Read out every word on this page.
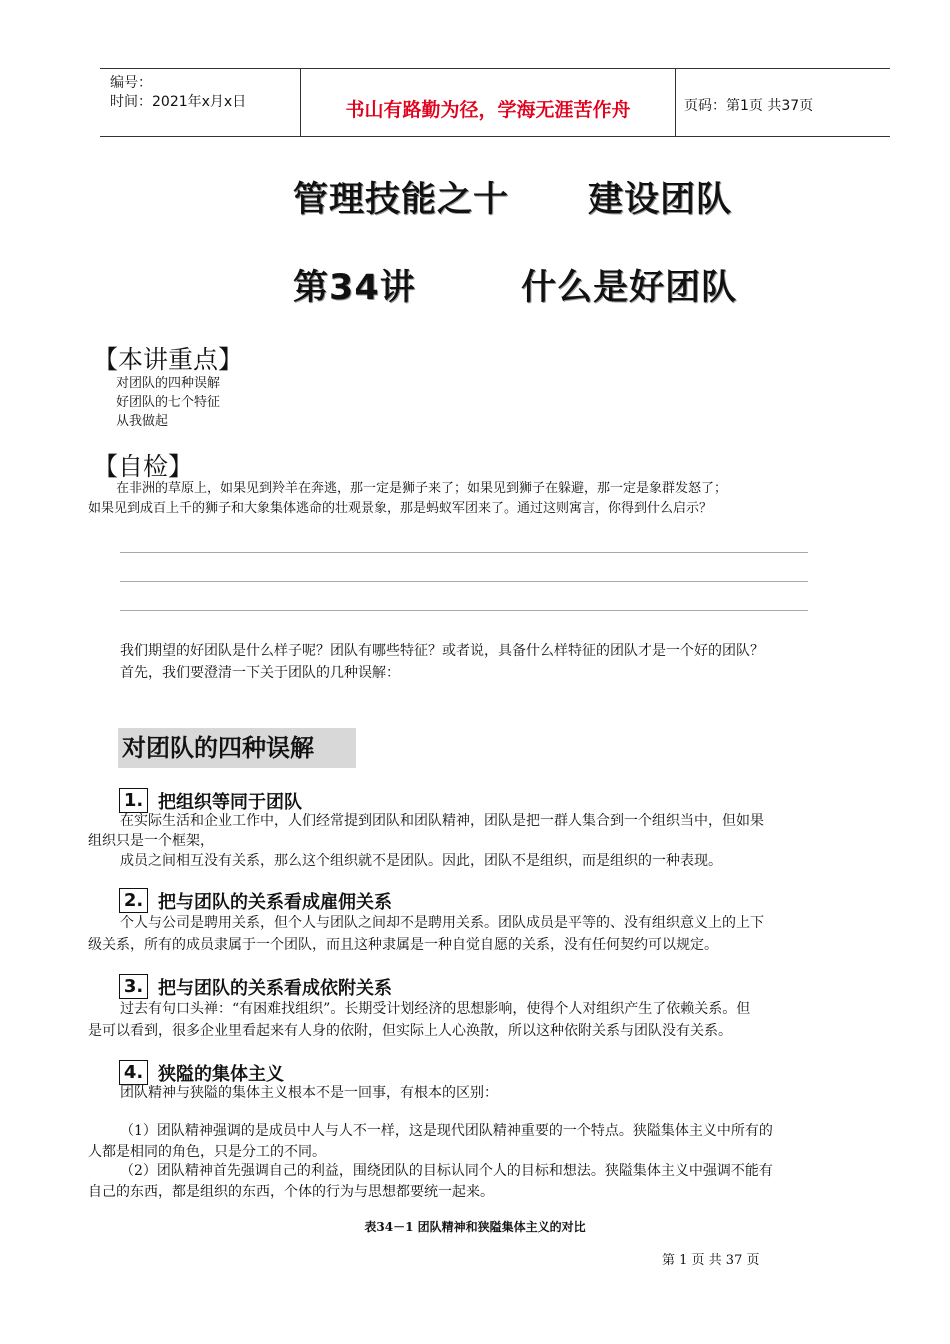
编号：
时间：2021年x月x日	书山有路勤为径，学海无涯苦作舟	页码：第1页 共37页
管理技能之十      建设团队
第34讲        什么是好团队
【本讲重点】
对团队的四种误解
好团队的七个特征
从我做起
【自检】
在非洲的草原上，如果见到羚羊在奔逃，那一定是狮子来了；如果见到狮子在躲避，那一定是象群发怒了；
如果见到成百上千的狮子和大象集体逃命的壮观景象，那是蚂蚁军团来了。通过这则寓言，你得到什么启示？
我们期望的好团队是什么样子呢？团队有哪些特征？或者说，具备什么样特征的团队才是一个好的团队？
首先，我们要澄清一下关于团队的几种误解：
对团队的四种误解
1. 把组织等同于团队
在实际生活和企业工作中，人们经常提到团队和团队精神，团队是把一群人集合到一个组织当中，但如果
组织只是一个框架，
成员之间相互没有关系，那么这个组织就不是团队。因此，团队不是组织，而是组织的一种表现。
2. 把与团队的关系看成雇佣关系
个人与公司是聘用关系，但个人与团队之间却不是聘用关系。团队成员是平等的、没有组织意义上的上下
级关系，所有的成员隶属于一个团队，而且这种隶属是一种自觉自愿的关系，没有任何契约可以规定。
3. 把与团队的关系看成依附关系
过去有句口头禅：“有困难找组织”。长期受计划经济的思想影响，使得个人对组织产生了依赖关系。但
是可以看到，很多企业里看起来有人身的依附，但实际上人心涣散，所以这种依附关系与团队没有关系。
4. 狭隘的集体主义
团队精神与狭隘的集体主义根本不是一回事，有根本的区别：
（1）团队精神强调的是成员中人与人不一样，这是现代团队精神重要的一个特点。狭隘集体主义中所有的
人都是相同的角色，只是分工的不同。
（2）团队精神首先强调自己的利益，围绕团队的目标认同个人的目标和想法。狭隘集体主义中强调不能有
自己的东西，都是组织的东西，个体的行为与思想都要统一起来。
表34－1 团队精神和狭隘集体主义的对比
第 1 页 共 37 页
